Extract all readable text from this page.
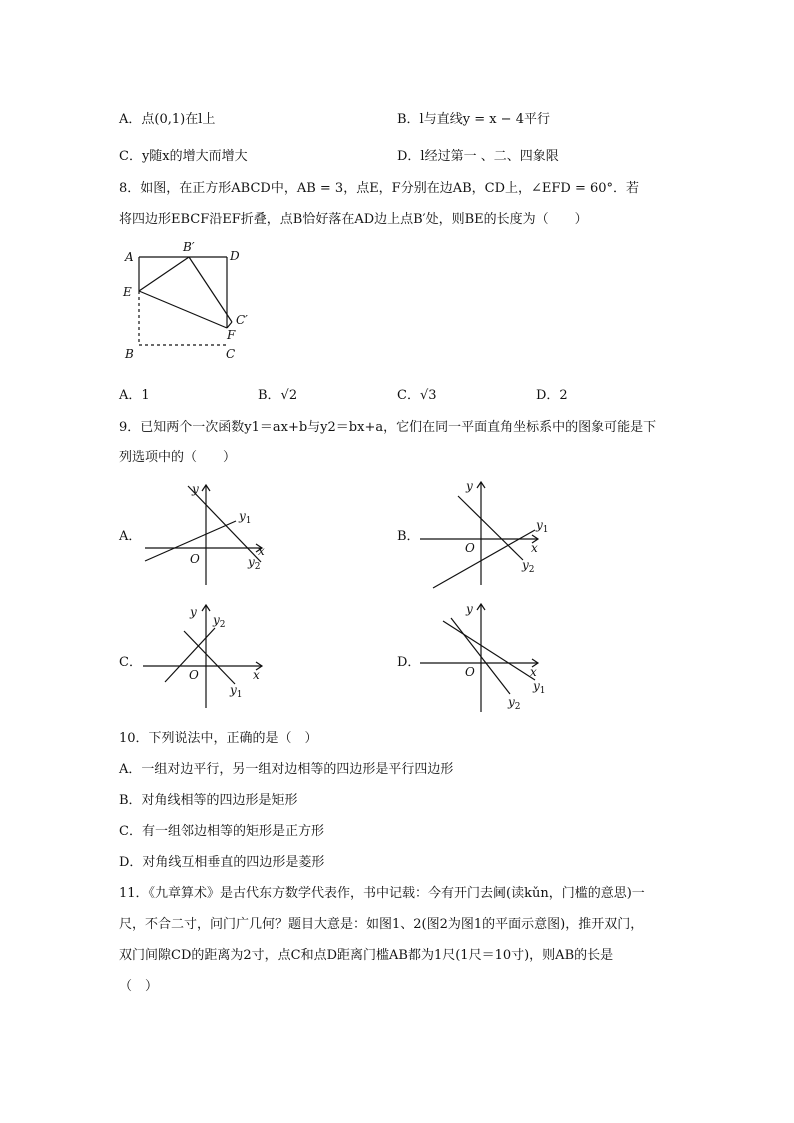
A．点(0,1)在l上	B．l与直线y = x − 4平行
C．y随x的增大而增大	D．l经过第一 、二、四象限
8．如图，在正方形ABCD中，AB = 3，点E，F分别在边AB，CD上，∠EFD = 60°．若
将四边形EBCF沿EF折叠，点B恰好落在AD边上点B′处，则BE的长度为（　　）
A
B′
D
E
C′
F
B	C
A．1	B．√2	C．√3	D．2
9．已知两个一次函数y1＝ax+b与y2＝bx+a，它们在同一平面直角坐标系中的图象可能是下
列选项中的（　　）
A．
y
x
O
$y_1$
$y_2$
B．
y
x
O
$y_1$
$y_2$
C．
y
x
O
$y_1$
$y_2$
D．
y
x
O
$y_1$
$y_2$
10．下列说法中，正确的是（　）
A．一组对边平行，另一组对边相等的四边形是平行四边形
B．对角线相等的四边形是矩形
C．有一组邻边相等的矩形是正方形
D．对角线互相垂直的四边形是菱形
11．《九章算术》是古代东方数学代表作，书中记载：今有开门去阃(读kǔn，门槛的意思)一
尺，不合二寸，问门广几何？题目大意是：如图1、2(图2为图1的平面示意图)，推开双门，
双门间隙CD的距离为2寸，点C和点D距离门槛AB都为1尺(1尺＝10寸)，则AB的长是
（　）
